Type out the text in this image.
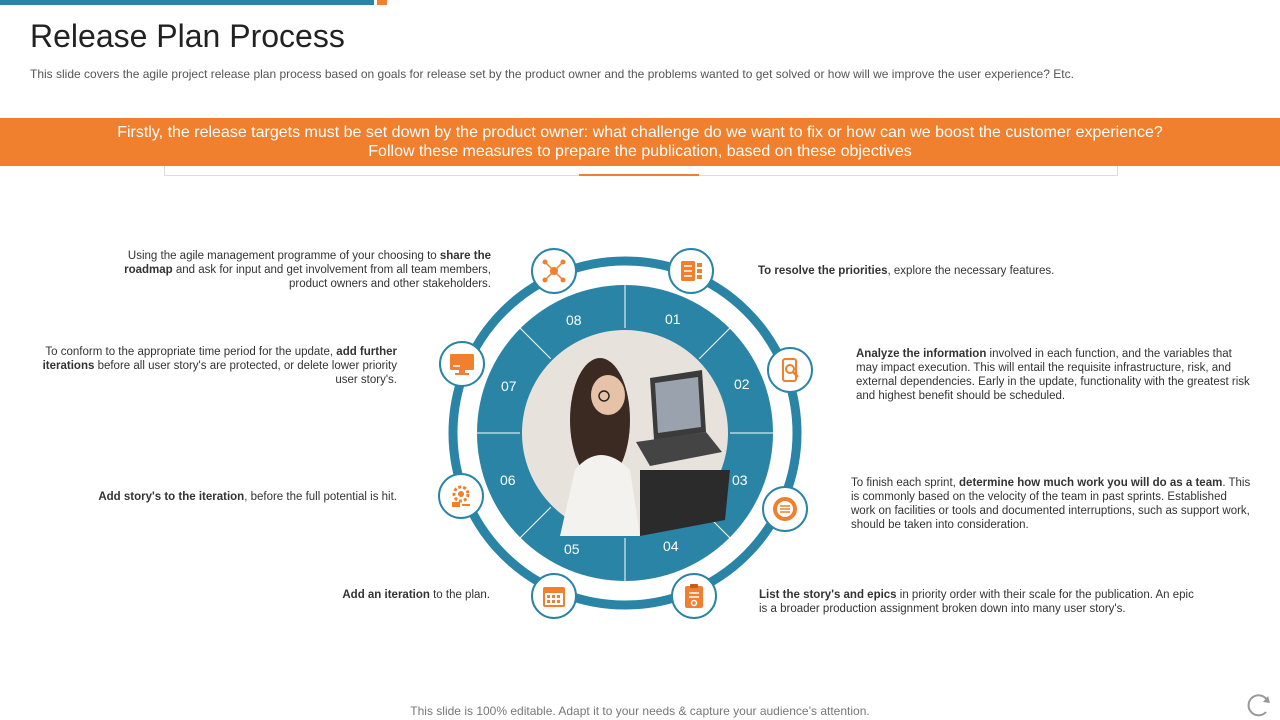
Release Plan Process
This slide covers the agile project release plan process based on goals for release set by the product owner and the problems wanted to get solved or how will we improve the user experience? Etc.
Firstly, the release targets must be set down by the product owner: what challenge do we want to fix or how can we boost the customer experience?
Follow these measures to prepare the publication, based on these objectives
Using the agile management programme of your choosing to share the roadmap and ask for input and get involvement from all team members, product owners and other stakeholders.
To resolve the priorities, explore the necessary features.
To conform to the appropriate time period for the update, add further iterations before all user story's are protected, or delete lower priority user story's.
Analyze the information involved in each function, and the variables that may impact execution. This will entail the requisite infrastructure, risk, and external dependencies. Early in the update, functionality with the greatest risk and highest benefit should be scheduled.
To finish each sprint, determine how much work you will do as a team. This is commonly based on the velocity of the team in past sprints. Established work on facilities or tools and documented interruptions, such as support work, should be taken into consideration.
Add story's to the iteration, before the full potential is hit.
Add an iteration to the plan.	List the story's and epics in priority order with their scale for the publication. An epic is a broader production assignment broken down into many user story's.
01
02
03
04
05
06
07
08
This slide is 100% editable. Adapt it to your needs & capture your audience’s attention.
